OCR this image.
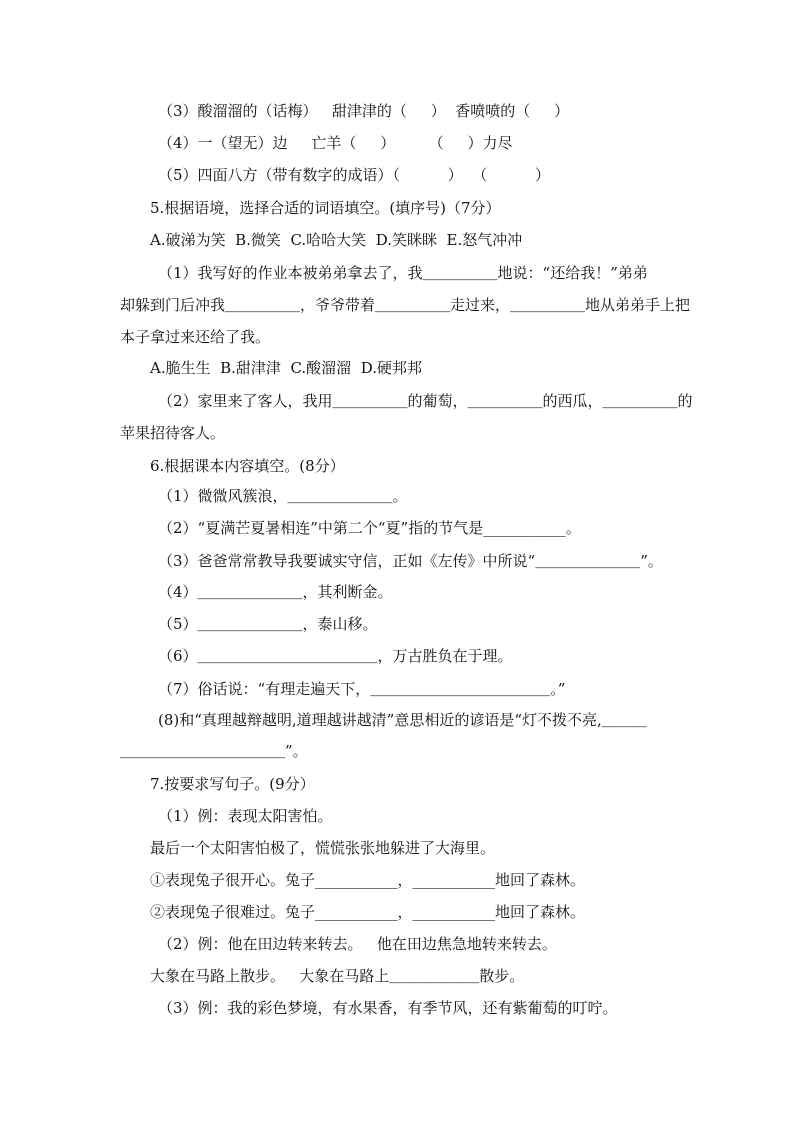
（3）酸溜溜的（话梅）   甜津津的（     ）  香喷喷的（     ）

（4）一（望无）边     亡羊（     ）       （     ）力尽

（5）四面八方（带有数字的成语）（          ）  （          ）

5.根据语境，选择合适的词语填空。(填序号)（7分）

A.破涕为笑  B.微笑  C.哈哈大笑  D.笑眯眯  E.怒气冲冲

（1）我写好的作业本被弟弟拿去了，我＿＿＿＿＿地说：“还给我！”弟弟

却躲到门后冲我＿＿＿＿＿，爷爷带着＿＿＿＿＿走过来，＿＿＿＿＿地从弟弟手上把

本子拿过来还给了我。

A.脆生生  B.甜津津  C.酸溜溜  D.硬邦邦

（2）家里来了客人，我用＿＿＿＿＿的葡萄，＿＿＿＿＿的西瓜，＿＿＿＿＿的

苹果招待客人。

6.根据课本内容填空。(8分）

（1）微微风簇浪，＿＿＿＿＿＿＿。

（2）“夏满芒夏暑相连”中第二个“夏”指的节气是___________。

（3）爸爸常常教导我要诚实守信，正如《左传》中所说“＿＿＿＿＿＿＿”。

（4）＿＿＿＿＿＿＿，其利断金。

（5）＿＿＿＿＿＿＿，泰山移。

（6）＿＿＿＿＿＿＿＿＿＿＿＿，万古胜负在于理。

（7）俗话说：“有理走遍天下，＿＿＿＿＿＿＿＿＿＿＿＿。”

(8)和“真理越辩越明,道理越讲越清”意思相近的谚语是“灯不拨不亮,＿＿＿

＿＿＿＿＿＿＿＿＿＿＿”。

7.按要求写句子。(9分）

（1）例：表现太阳害怕。

最后一个太阳害怕极了，慌慌张张地躲进了大海里。

①表现兔子很开心。兔子___________，___________地回了森林。

②表现兔子很难过。兔子___________，___________地回了森林。

（2）例：他在田边转来转去。   他在田边焦急地转来转去。

大象在马路上散步。   大象在马路上＿＿＿＿＿＿散步。

（3）例：我的彩色梦境，有水果香，有季节风，还有紫葡萄的叮咛。
